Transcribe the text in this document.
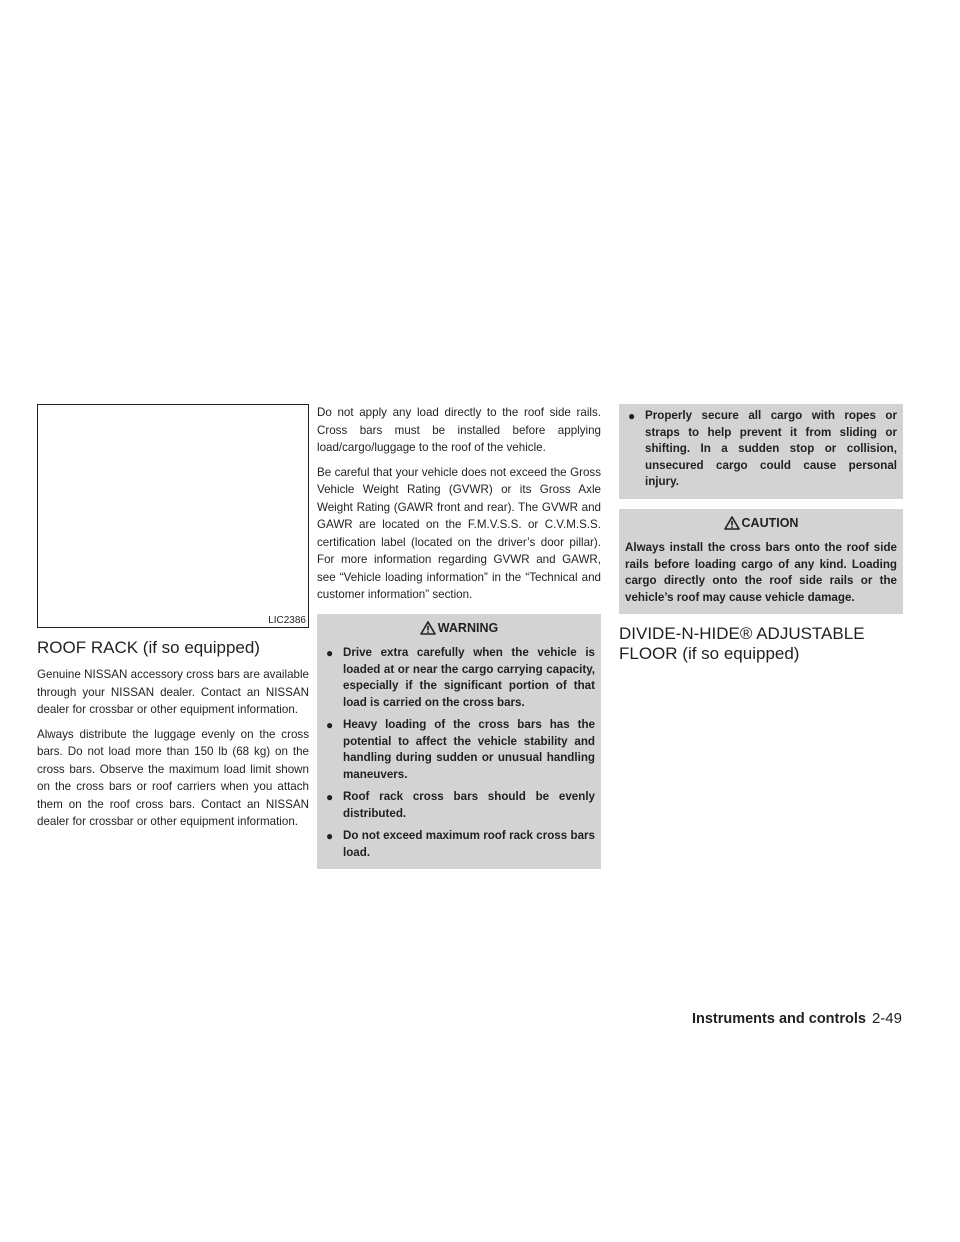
LIC2386
ROOF RACK (if so equipped)

Genuine NISSAN accessory cross bars are available through your NISSAN dealer. Contact an NISSAN dealer for crossbar or other equipment information.

Always distribute the luggage evenly on the cross bars. Do not load more than 150 lb (68 kg) on the cross bars. Observe the maximum load limit shown on the cross bars or roof carriers when you attach them on the roof cross bars. Contact an NISSAN dealer for crossbar or other equipment information.

Do not apply any load directly to the roof side rails. Cross bars must be installed before applying load/cargo/luggage to the roof of the vehicle.

Be careful that your vehicle does not exceed the Gross Vehicle Weight Rating (GVWR) or its Gross Axle Weight Rating (GAWR front and rear). The GVWR and GAWR are located on the F.M.V.S.S. or C.V.M.S.S. certification label (located on the driver’s door pillar). For more information regarding GVWR and GAWR, see “Vehicle loading information” in the “Technical and customer information” section.

WARNING
● Drive extra carefully when the vehicle is loaded at or near the cargo carrying capacity, especially if the significant portion of that load is carried on the cross bars.
● Heavy loading of the cross bars has the potential to affect the vehicle stability and handling during sudden or unusual handling maneuvers.
● Roof rack cross bars should be evenly distributed.
● Do not exceed maximum roof rack cross bars load.
● Properly secure all cargo with ropes or straps to help prevent it from sliding or shifting. In a sudden stop or collision, unsecured cargo could cause personal injury.
CAUTION

Always install the cross bars onto the roof side rails before loading cargo of any kind. Loading cargo directly onto the roof side rails or the vehicle’s roof may cause vehicle damage.

DIVIDE-N-HIDE® ADJUSTABLE FLOOR (if so equipped)
Instruments and controls 2-49
